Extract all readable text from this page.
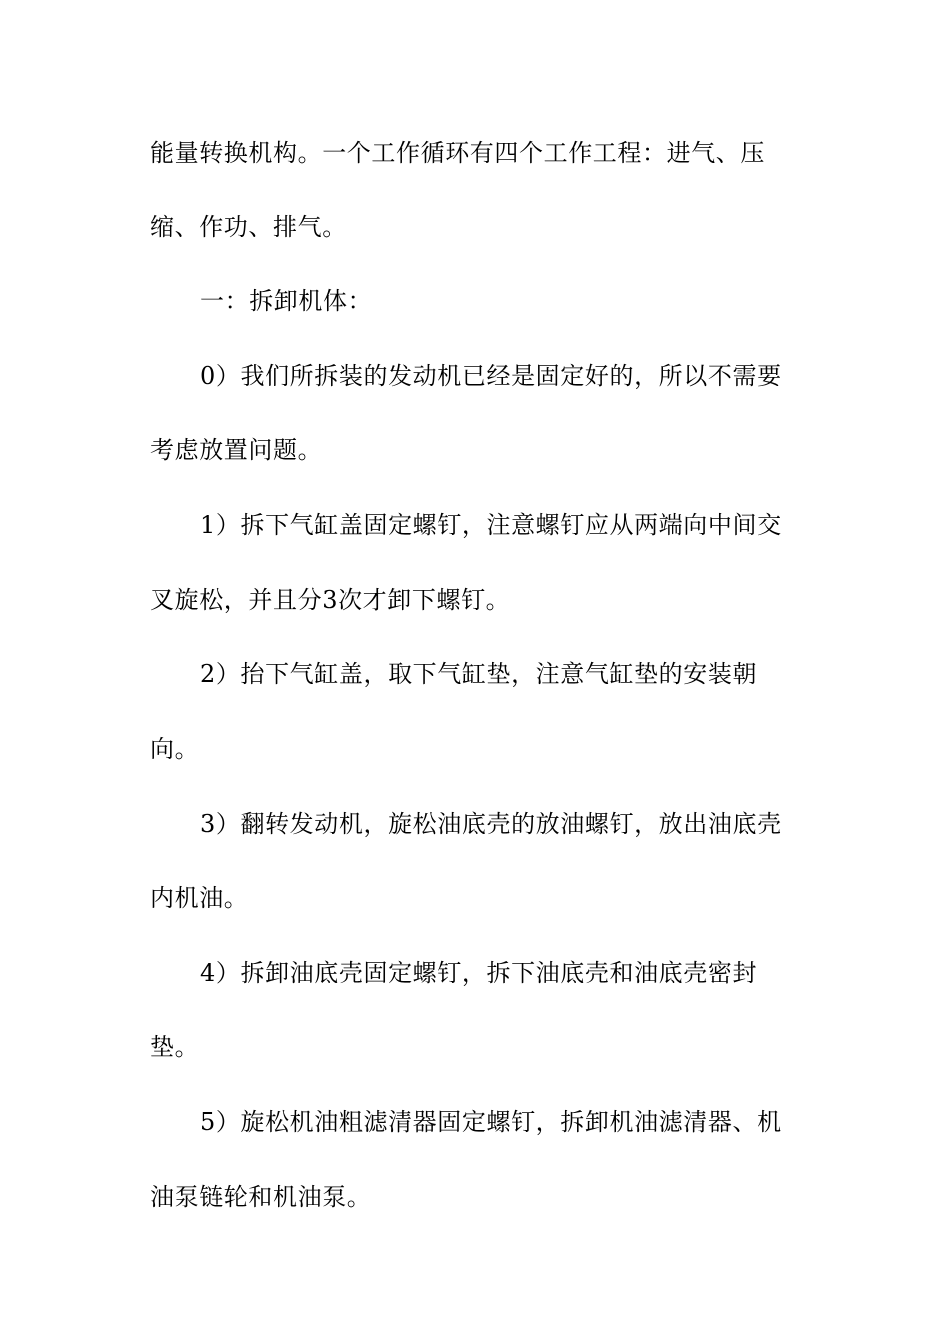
能量转换机构。一个工作循环有四个工作工程：进气、压
缩、作功、排气。
一：拆卸机体：
0）我们所拆装的发动机已经是固定好的，所以不需要
考虑放置问题。
1）拆下气缸盖固定螺钉，注意螺钉应从两端向中间交
叉旋松，并且分3次才卸下螺钉。
2）抬下气缸盖，取下气缸垫，注意气缸垫的安装朝
向。
3）翻转发动机，旋松油底壳的放油螺钉，放出油底壳
内机油。
4）拆卸油底壳固定螺钉，拆下油底壳和油底壳密封
垫。
5）旋松机油粗滤清器固定螺钉，拆卸机油滤清器、机
油泵链轮和机油泵。
